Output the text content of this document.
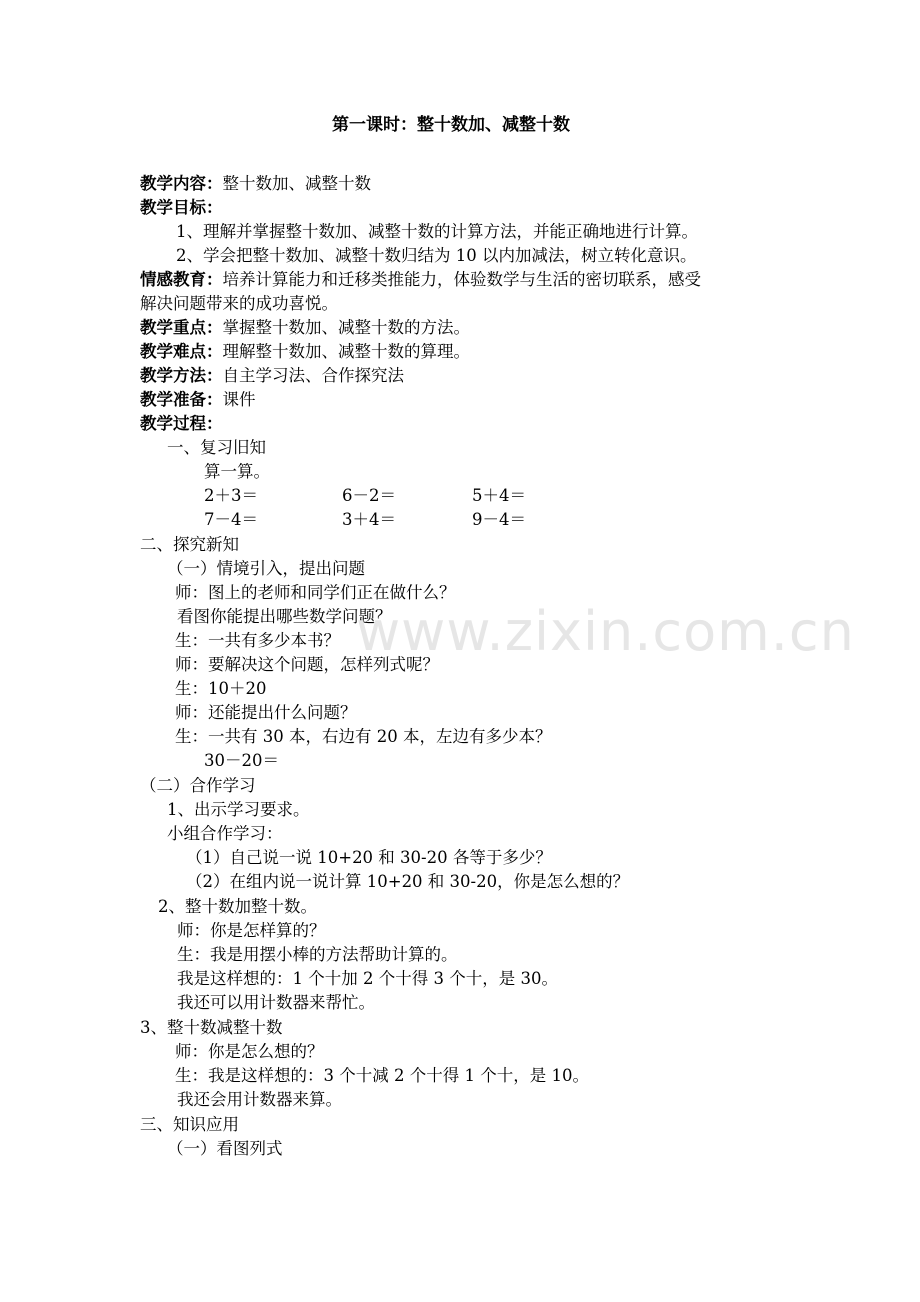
第一课时：整十数加、减整十数
教学内容：整十数加、减整十数
教学目标：
1、理解并掌握整十数加、减整十数的计算方法，并能正确地进行计算。
2、学会把整十数加、减整十数归结为 10 以内加减法，树立转化意识。
情感教育：培养计算能力和迁移类推能力，体验数学与生活的密切联系，感受
解决问题带来的成功喜悦。
教学重点：掌握整十数加、减整十数的方法。
教学难点：理解整十数加、减整十数的算理。
教学方法：自主学习法、合作探究法
教学准备：课件
教学过程：
一、复习旧知
算一算。
2＋3＝	6－2＝	5＋4＝
7－4＝	3＋4＝	9－4＝
二、探究新知
（一）情境引入，提出问题
师：图上的老师和同学们正在做什么？
看图你能提出哪些数学问题？
生：一共有多少本书？
师：要解决这个问题，怎样列式呢？
生：10＋20
师：还能提出什么问题？
生：一共有 30 本，右边有 20 本，左边有多少本？
30－20＝
（二）合作学习
1、出示学习要求。
小组合作学习：
（1）自己说一说 10+20 和 30-20 各等于多少？
（2）在组内说一说计算 10+20 和 30-20，你是怎么想的？
2、整十数加整十数。
师：你是怎样算的？
生：我是用摆小棒的方法帮助计算的。
我是这样想的：1 个十加 2 个十得 3 个十，是 30。
我还可以用计数器来帮忙。
3、整十数减整十数
师：你是怎么想的？
生：我是这样想的：3 个十减 2 个十得 1 个十，是 10。
我还会用计数器来算。
三、知识应用
（一）看图列式
www.zixin.com.cn
